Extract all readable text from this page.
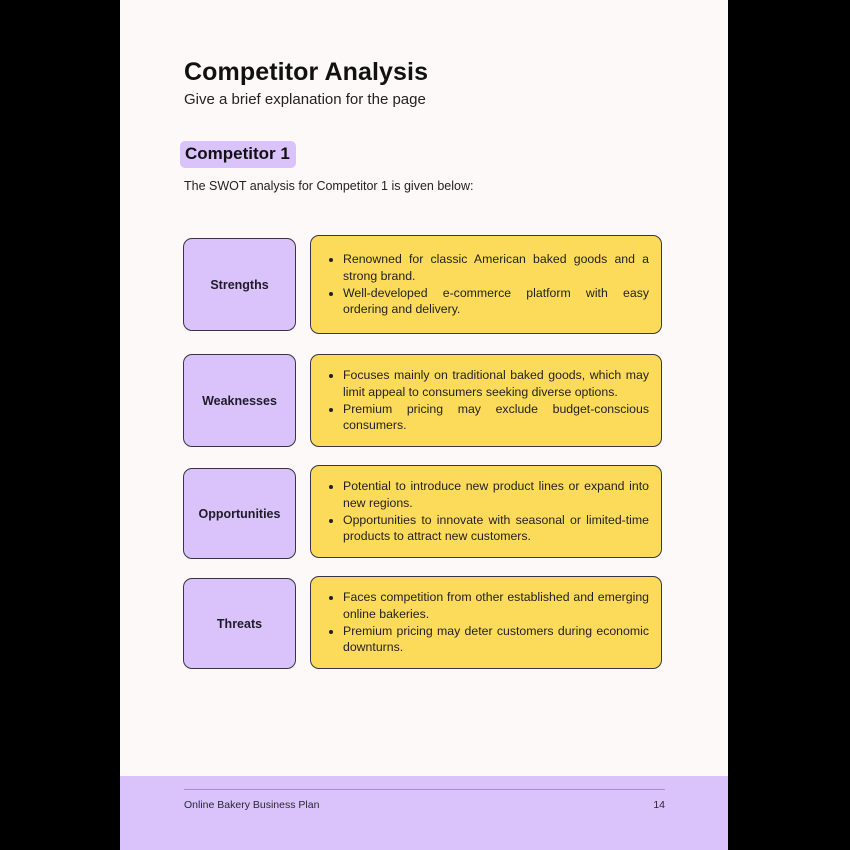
Competitor Analysis
Give a brief explanation for the page
Competitor 1
The SWOT analysis for Competitor 1 is given below:
Strengths
• Renowned for classic American baked goods and a strong brand.
• Well-developed e-commerce platform with easy ordering and delivery.
Weaknesses
• Focuses mainly on traditional baked goods, which may limit appeal to consumers seeking diverse options.
• Premium pricing may exclude budget-conscious consumers.
Opportunities
• Potential to introduce new product lines or expand into new regions.
• Opportunities to innovate with seasonal or limited-time products to attract new customers.
Threats
• Faces competition from other established and emerging online bakeries.
• Premium pricing may deter customers during economic downturns.
Online Bakery Business Plan	14
